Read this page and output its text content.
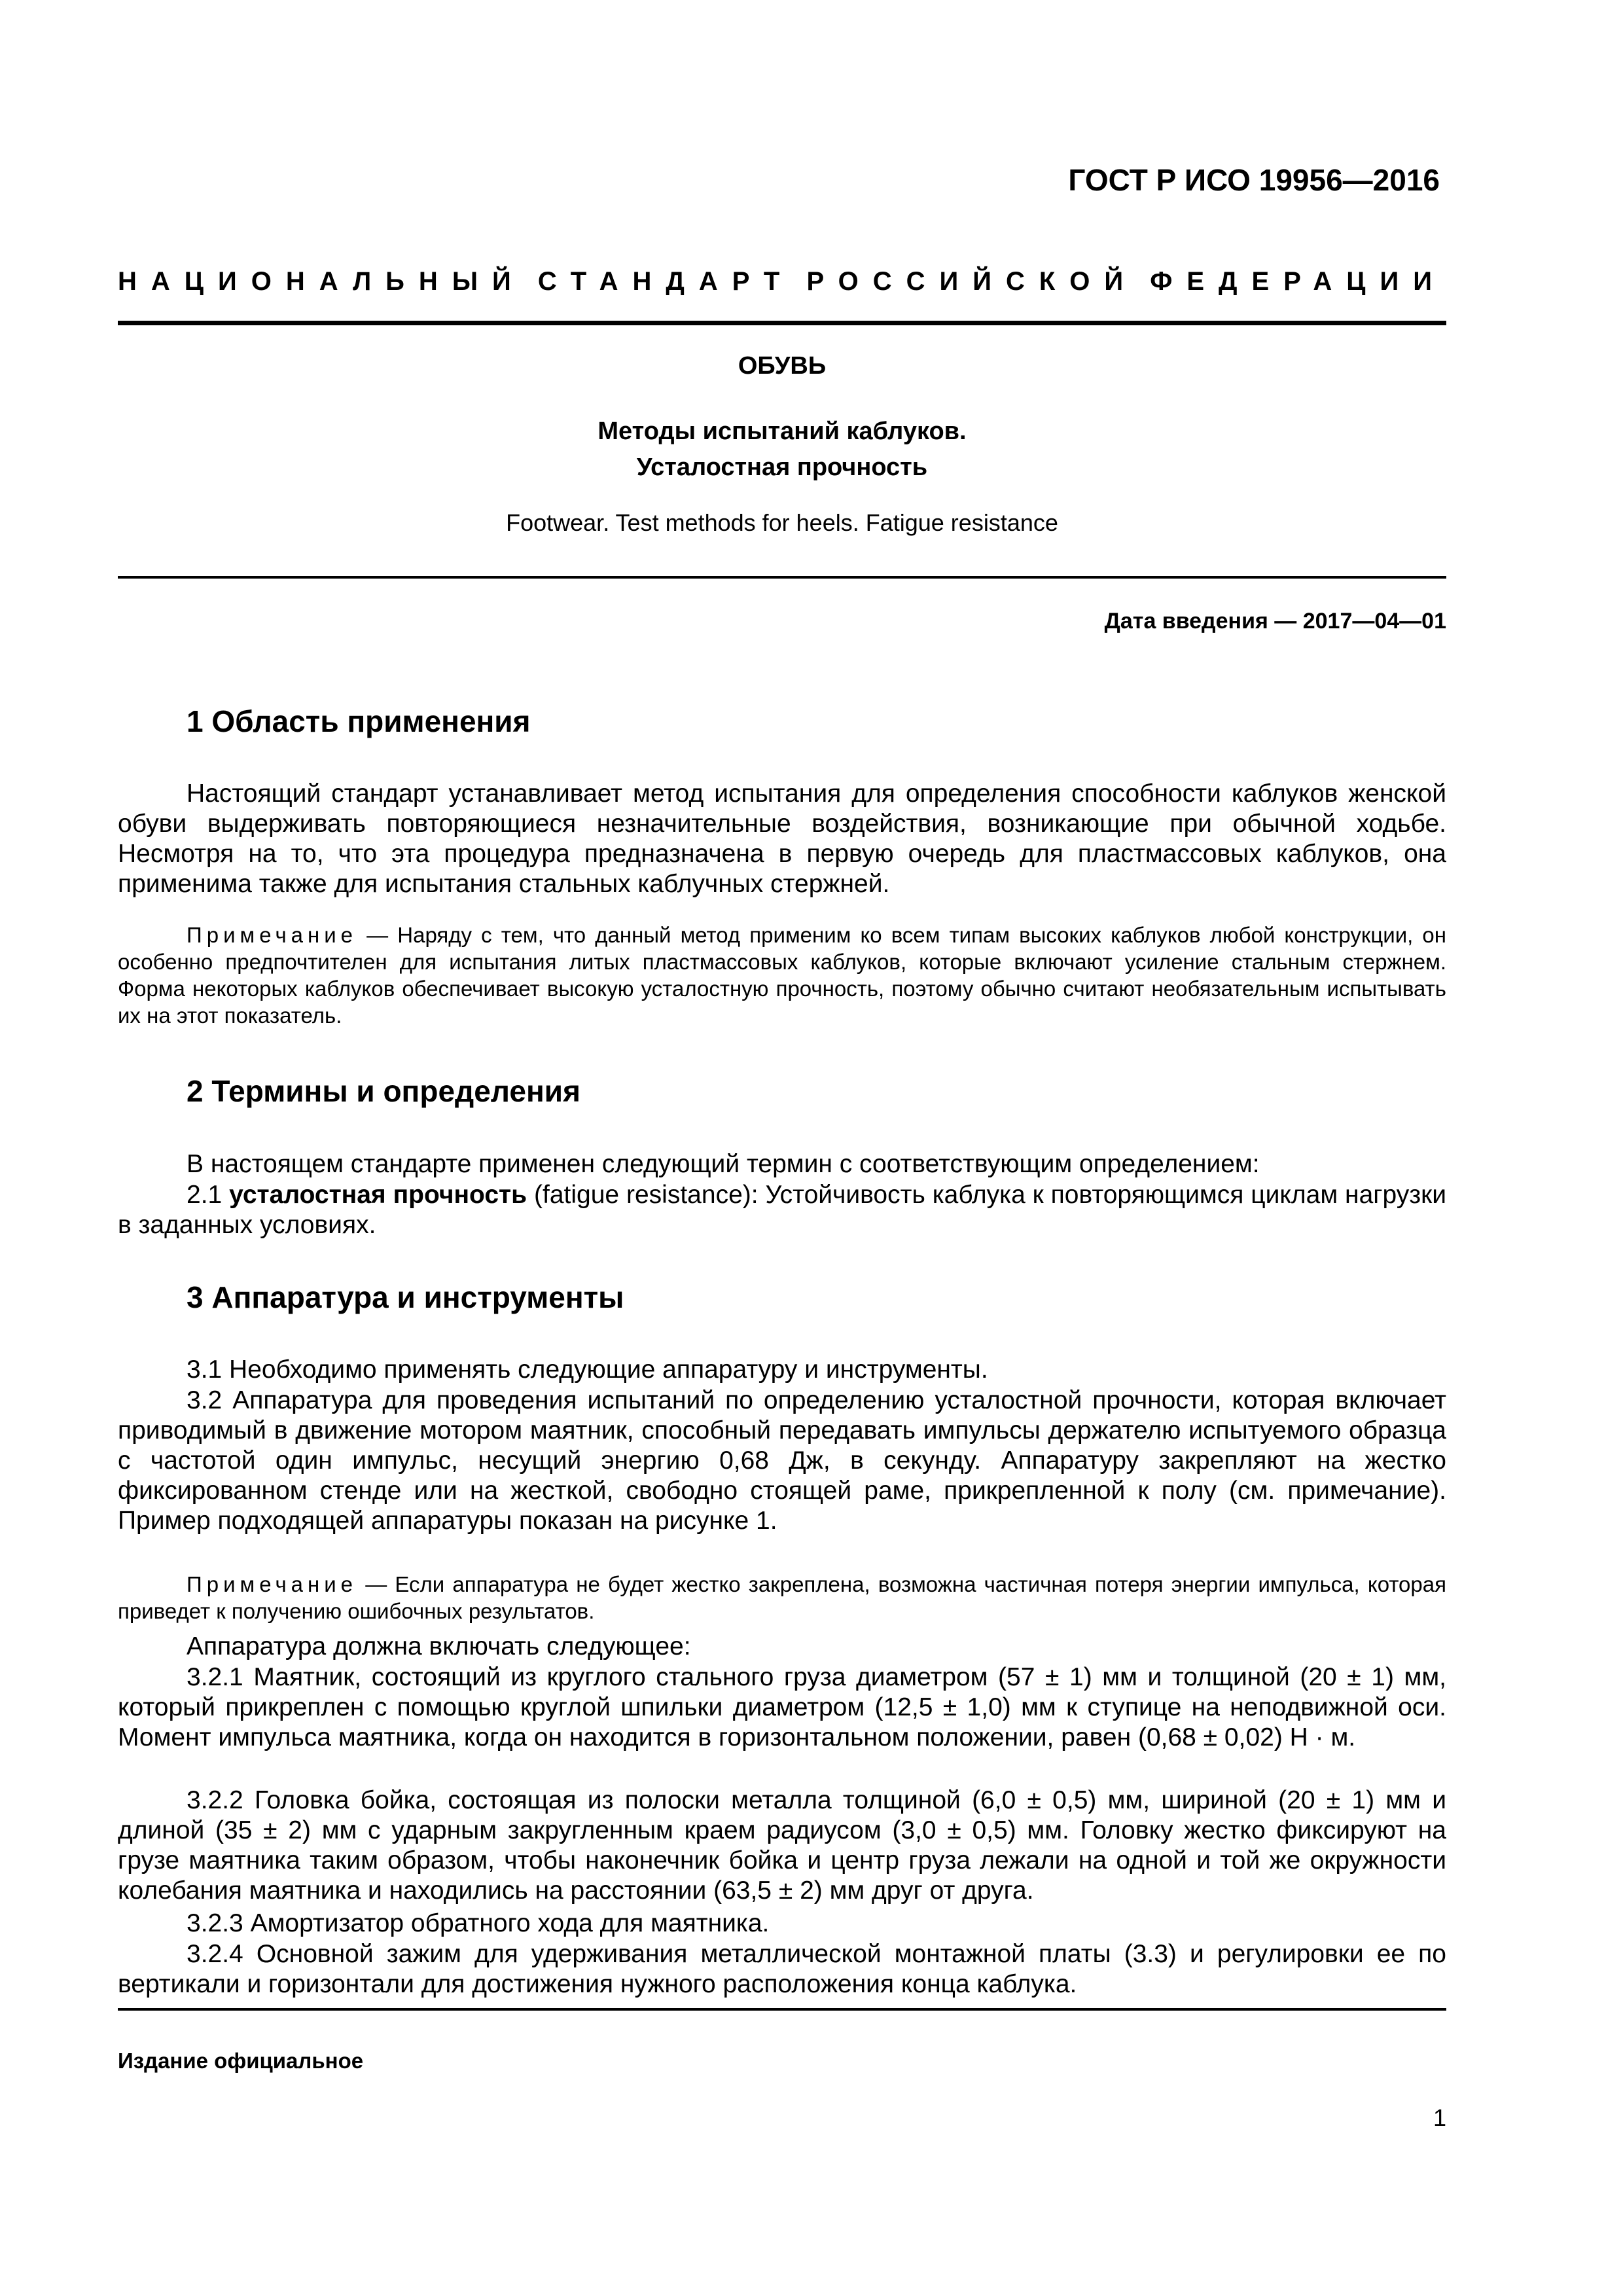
ГОСТ Р ИСО 19956—2016
НАЦИОНАЛЬНЫЙ СТАНДАРТ РОССИЙСКОЙ ФЕДЕРАЦИИ
ОБУВЬ
Методы испытаний каблуков.
Усталостная прочность
Footwear. Test methods for heels. Fatigue resistance
Дата введения — 2017—04—01
1 Область применения
Настоящий стандарт устанавливает метод испытания для определения способности каблуков женской обуви выдерживать повторяющиеся незначительные воздействия, возникающие при обычной ходьбе. Несмотря на то, что эта процедура предназначена в первую очередь для пластмассовых каблуков, она применима также для испытания стальных каблучных стержней.
Примечание — Наряду с тем, что данный метод применим ко всем типам высоких каблуков любой конструкции, он особенно предпочтителен для испытания литых пластмассовых каблуков, которые включают усиление стальным стержнем. Форма некоторых каблуков обеспечивает высокую усталостную прочность, поэтому обычно считают необязательным испытывать их на этот показатель.
2 Термины и определения
В настоящем стандарте применен следующий термин с соответствующим определением:
2.1 усталостная прочность (fatigue resistance): Устойчивость каблука к повторяющимся циклам нагрузки в заданных условиях.
3 Аппаратура и инструменты
3.1 Необходимо применять следующие аппаратуру и инструменты.
3.2 Аппаратура для проведения испытаний по определению усталостной прочности, которая включает приводимый в движение мотором маятник, способный передавать импульсы держателю испытуемого образца с частотой один импульс, несущий энергию 0,68 Дж, в секунду. Аппаратуру закрепляют на жестко фиксированном стенде или на жесткой, свободно стоящей раме, прикрепленной к полу (см. примечание). Пример подходящей аппаратуры показан на рисунке 1.
Примечание — Если аппаратура не будет жестко закреплена, возможна частичная потеря энергии импульса, которая приведет к получению ошибочных результатов.
Аппаратура должна включать следующее:
3.2.1 Маятник, состоящий из круглого стального груза диаметром (57 ± 1) мм и толщиной (20 ± 1) мм, который прикреплен с помощью круглой шпильки диаметром (12,5 ± 1,0) мм к ступице на неподвижной оси. Момент импульса маятника, когда он находится в горизонтальном положении, равен (0,68 ± 0,02) Н · м.
3.2.2 Головка бойка, состоящая из полоски металла толщиной (6,0 ± 0,5) мм, шириной (20 ± 1) мм и длиной (35 ± 2) мм с ударным закругленным краем радиусом (3,0 ± 0,5) мм. Головку жестко фиксируют на грузе маятника таким образом, чтобы наконечник бойка и центр груза лежали на одной и той же окружности колебания маятника и находились на расстоянии (63,5 ± 2) мм друг от друга.
3.2.3 Амортизатор обратного хода для маятника.
3.2.4 Основной зажим для удерживания металлической монтажной платы (3.3) и регулировки ее по вертикали и горизонтали для достижения нужного расположения конца каблука.
Издание официальное
1
